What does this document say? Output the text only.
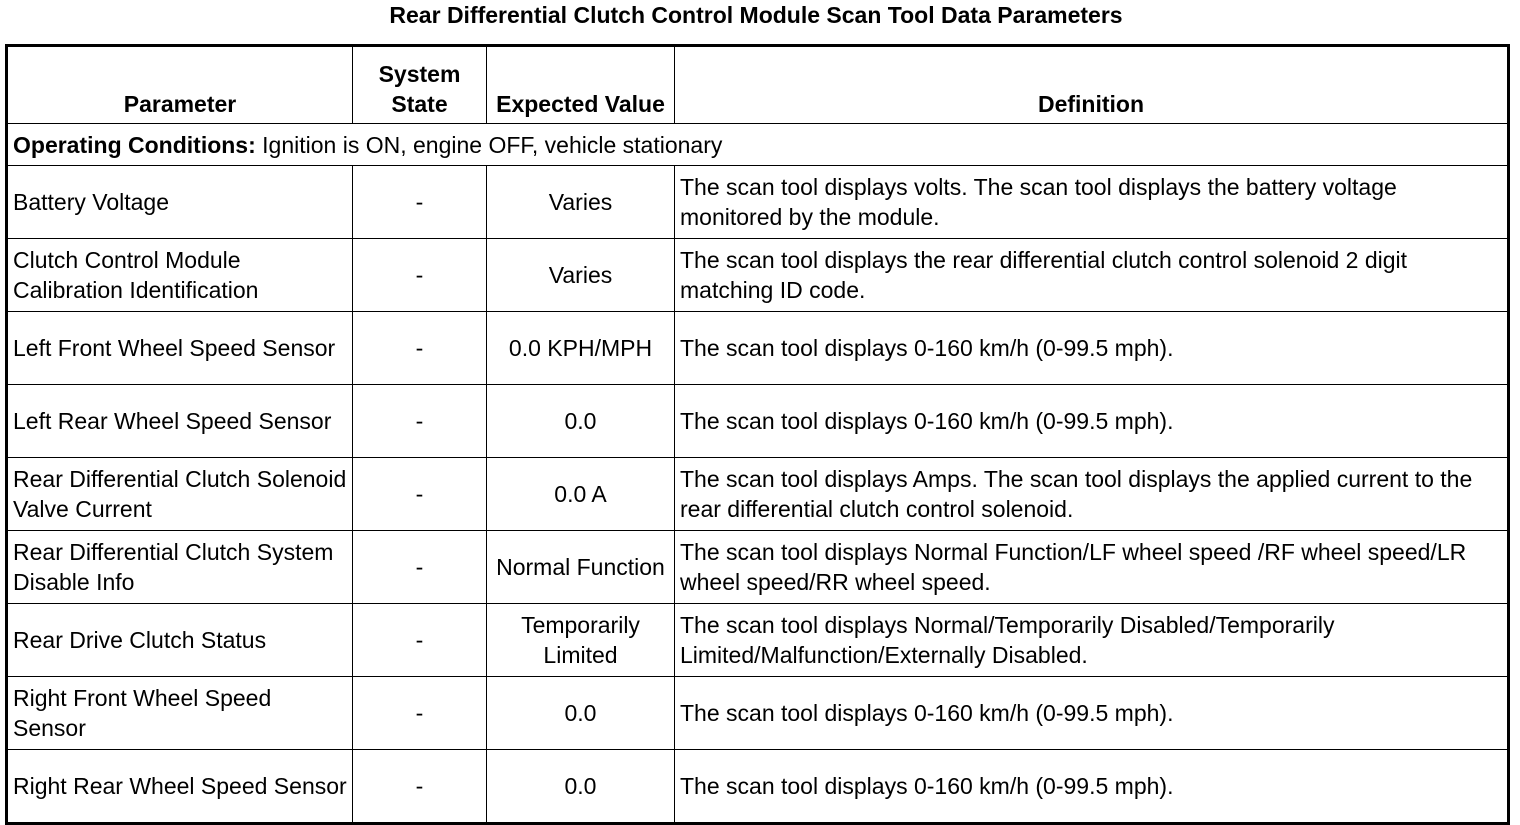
Rear Differential Clutch Control Module Scan Tool Data Parameters
Parameter	System State	Expected Value	Definition
Operating Conditions: Ignition is ON, engine OFF, vehicle stationary			
Battery Voltage	-	Varies	The scan tool displays volts. The scan tool displays the battery voltage monitored by the module.
Clutch Control Module Calibration Identification	-	Varies	The scan tool displays the rear differential clutch control solenoid 2 digit matching ID code.
Left Front Wheel Speed Sensor	-	0.0 KPH/MPH	The scan tool displays 0-160 km/h (0-99.5 mph).
Left Rear Wheel Speed Sensor	-	0.0	The scan tool displays 0-160 km/h (0-99.5 mph).
Rear Differential Clutch Solenoid Valve Current	-	0.0 A	The scan tool displays Amps. The scan tool displays the applied current to the rear differential clutch control solenoid.
Rear Differential Clutch System Disable Info	-	Normal Function	The scan tool displays Normal Function/LF wheel speed /RF wheel speed/LR wheel speed/RR wheel speed.
Rear Drive Clutch Status	-	Temporarily Limited	The scan tool displays Normal/Temporarily Disabled/Temporarily Limited/Malfunction/Externally Disabled.
Right Front Wheel Speed Sensor	-	0.0	The scan tool displays 0-160 km/h (0-99.5 mph).
Right Rear Wheel Speed Sensor	-	0.0	The scan tool displays 0-160 km/h (0-99.5 mph).
